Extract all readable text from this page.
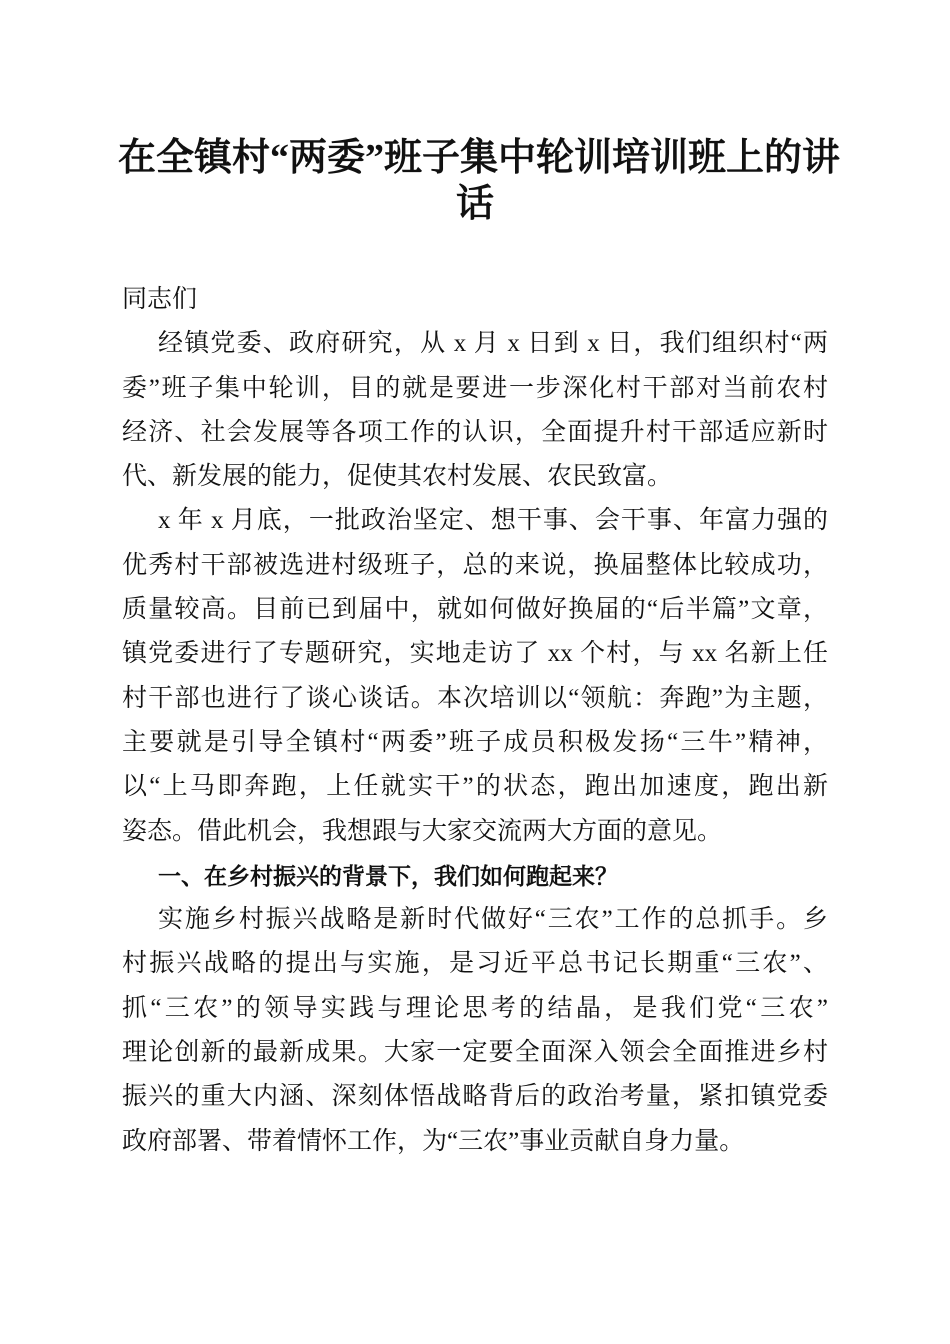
在全镇村“两委”班子集中轮训培训班上的讲
话
同志们
经镇党委、政府研究，从 x 月 x 日到 x 日，我们组织村“两
委”班子集中轮训，目的就是要进一步深化村干部对当前农村
经济、社会发展等各项工作的认识，全面提升村干部适应新时
代、新发展的能力，促使其农村发展、农民致富。
x 年 x 月底，一批政治坚定、想干事、会干事、年富力强的
优秀村干部被选进村级班子，总的来说，换届整体比较成功，
质量较高。目前已到届中，就如何做好换届的“后半篇”文章，
镇党委进行了专题研究，实地走访了 xx 个村，与 xx 名新上任
村干部也进行了谈心谈话。本次培训以“领航：奔跑”为主题，
主要就是引导全镇村“两委”班子成员积极发扬“三牛”精神，
以“上马即奔跑，上任就实干”的状态，跑出加速度，跑出新
姿态。借此机会，我想跟与大家交流两大方面的意见。
一、在乡村振兴的背景下，我们如何跑起来？
实施乡村振兴战略是新时代做好“三农”工作的总抓手。乡
村振兴战略的提出与实施，是习近平总书记长期重“三农”、
抓“三农”的领导实践与理论思考的结晶，是我们党“三农”
理论创新的最新成果。大家一定要全面深入领会全面推进乡村
振兴的重大内涵、深刻体悟战略背后的政治考量，紧扣镇党委
政府部署、带着情怀工作，为“三农”事业贡献自身力量。
